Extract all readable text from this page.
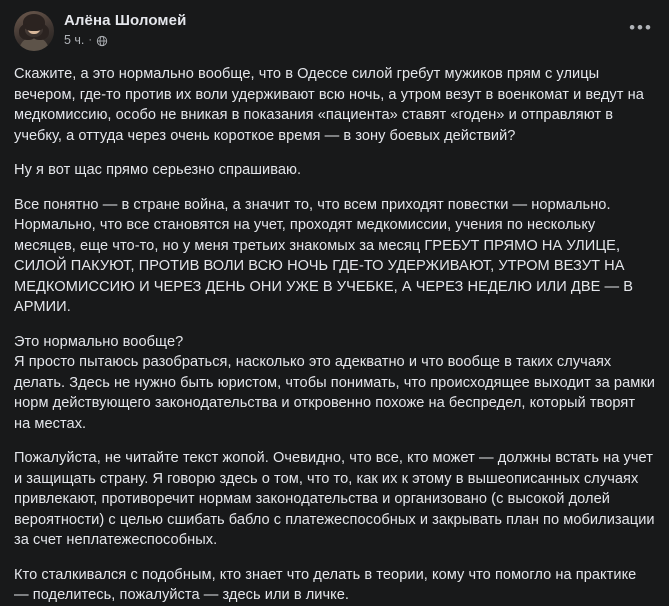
Алёна Шоломей
5 ч. ·
•••

Скажите, а это нормально вообще, что в Одессе силой гребут мужиков прям с улицы вечером, где-то против их воли удерживают всю ночь, а утром везут в военкомат и ведут на медкомиссию, особо не вникая в показания «пациента» ставят «годен» и отправляют в учебку, а оттуда через очень короткое время — в зону боевых действий?

Ну я вот щас прямо серьезно спрашиваю.

Все понятно — в стране война, а значит то, что всем приходят повестки — нормально. Нормально, что все становятся на учет, проходят медкомиссии, учения по нескольку месяцев, еще что-то, но у меня третьих знакомых за месяц ГРЕБУТ ПРЯМО НА УЛИЦЕ, СИЛОЙ ПАКУЮТ, ПРОТИВ ВОЛИ ВСЮ НОЧЬ ГДЕ-ТО УДЕРЖИВАЮТ, УТРОМ ВЕЗУТ НА МЕДКОМИССИЮ И ЧЕРЕЗ ДЕНЬ ОНИ УЖЕ В УЧЕБКЕ, А ЧЕРЕЗ НЕДЕЛЮ ИЛИ ДВЕ — В АРМИИ.

Это нормально вообще?

Я просто пытаюсь разобраться, насколько это адекватно и что вообще в таких случаях делать. Здесь не нужно быть юристом, чтобы понимать, что происходящее выходит за рамки норм действующего законодательства и откровенно похоже на беспредел, который творят на местах.

Пожалуйста, не читайте текст жопой. Очевидно, что все, кто может — должны встать на учет и защищать страну. Я говорю здесь о том, что то, как их к этому в вышеописанных случаях привлекают, противоречит нормам законодательства и организовано (с высокой долей вероятности) с целью сшибать бабло с платежеспособных и закрывать план по мобилизации за счет неплатежеспособных.

Кто сталкивался с подобным, кто знает что делать в теории, кому что помогло на практике — поделитесь, пожалуйста — здесь или в личке.
